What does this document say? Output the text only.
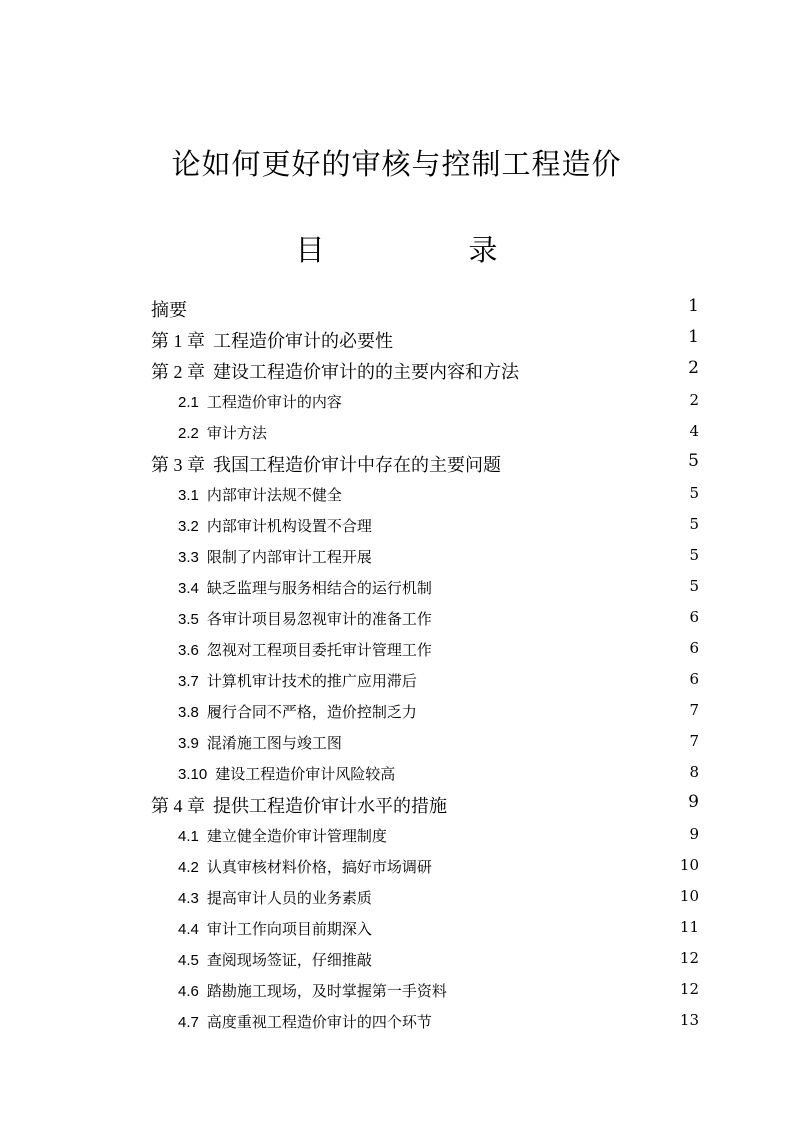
论如何更好的审核与控制工程造价
目	录
摘要	1
第 1 章 工程造价审计的必要性	1
第 2 章 建设工程造价审计的的主要内容和方法	2
2.1 工程造价审计的内容	2
2.2 审计方法	4
第 3 章 我国工程造价审计中存在的主要问题	5
3.1 内部审计法规不健全	5
3.2 内部审计机构设置不合理	5
3.3 限制了内部审计工程开展	5
3.4 缺乏监理与服务相结合的运行机制	5
3.5 各审计项目易忽视审计的准备工作	6
3.6 忽视对工程项目委托审计管理工作	6
3.7 计算机审计技术的推广应用滞后	6
3.8 履行合同不严格，造价控制乏力	7
3.9 混淆施工图与竣工图	7
3.10 建设工程造价审计风险较高	8
第 4 章 提供工程造价审计水平的措施	9
4.1 建立健全造价审计管理制度	9
4.2 认真审核材料价格，搞好市场调研	10
4.3 提高审计人员的业务素质	10
4.4 审计工作向项目前期深入	11
4.5 查阅现场签证，仔细推敲	12
4.6 踏勘施工现场，及时掌握第一手资料	12
4.7 高度重视工程造价审计的四个环节	13
